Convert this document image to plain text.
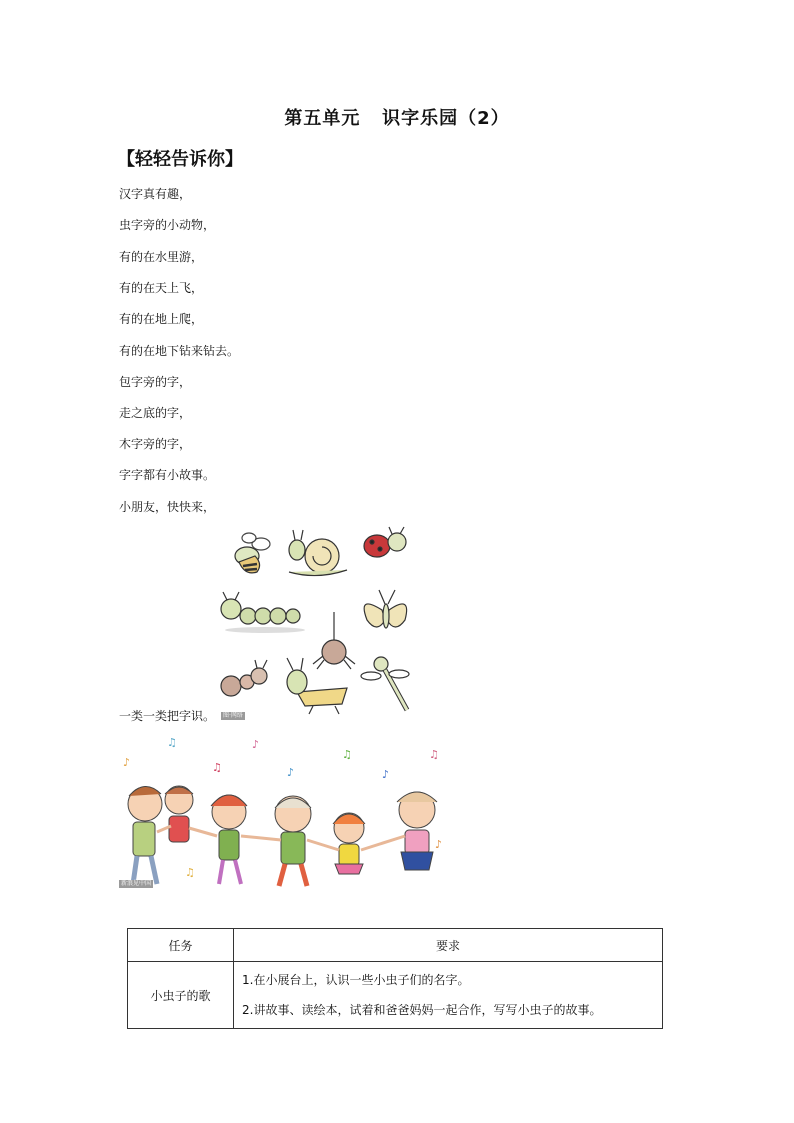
第五单元   识字乐园（2）
【轻轻告诉你】
汉字真有趣，
虫字旁的小动物，
有的在水里游，
有的在天上飞，
有的在地上爬，
有的在地下钻来钻去。
包字旁的字，
走之底的字，
木字旁的字，
字字都有小故事。
小朋友，快快来，
一类一类把字识。	图·网络
♫
♪	♫
♪
♪
♫
♪
♫
♪
♫
新浪见中国
任务	要求
小虫子的歌	1.在小展台上，认识一些小虫子们的名字。
2.讲故事、读绘本，试着和爸爸妈妈一起合作，写写小虫子的故事。
